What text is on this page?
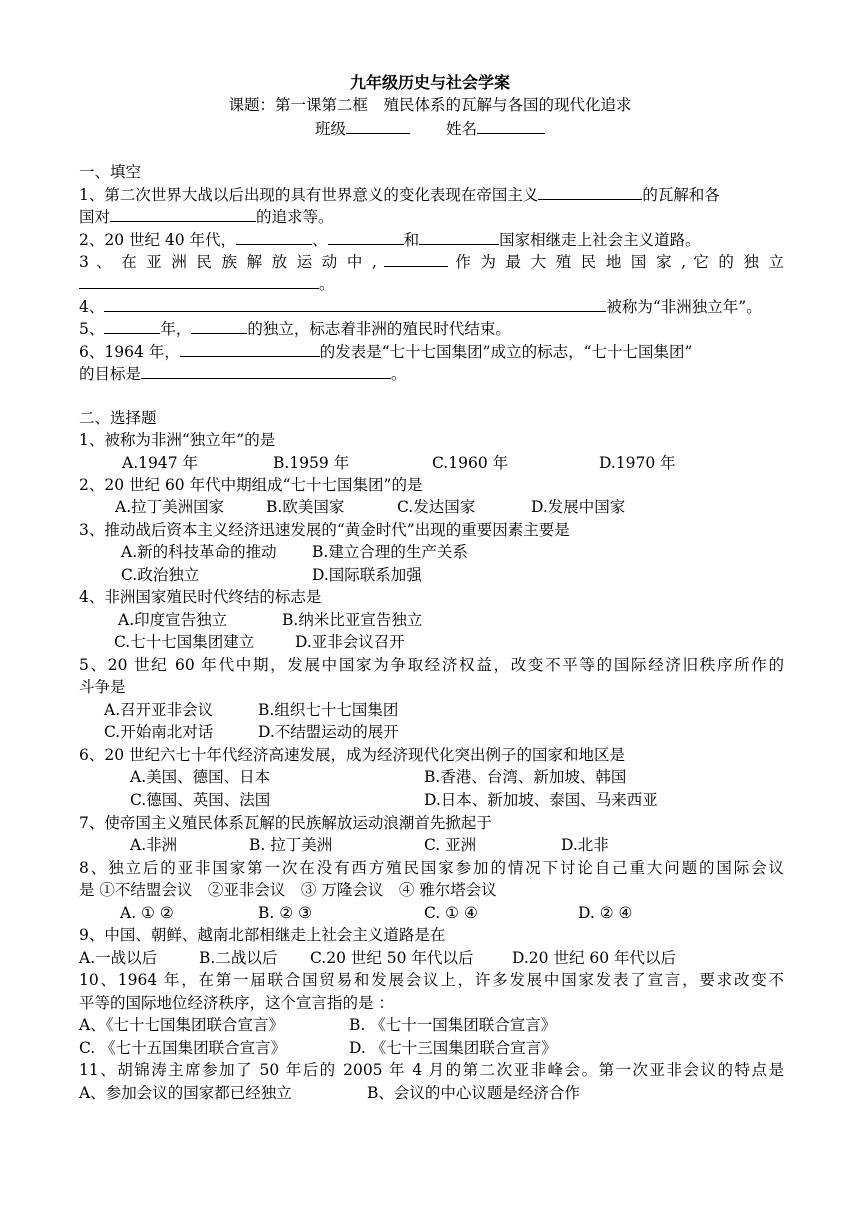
九年级历史与社会学案
课题：第一课第二框　殖民体系的瓦解与各国的现代化追求
班级	姓名
一、填空
1、第二次世界大战以后出现的具有世界意义的变化表现在帝国主义	的瓦解和各
国对	的追求等。
2、20 世纪 40 年代，	、	和	国家相继走上社会主义道路。
3 、 在 亚 洲 民 族 解 放 运 动 中 ,	作 为 最 大 殖 民 地 国 家 , 它 的 独 立
。
4、	被称为“非洲独立年”。
5、	年，	的独立，标志着非洲的殖民时代结束。
6、1964 年，	的发表是“七十七国集团”成立的标志，“七十七国集团”
的目标是	。
二、选择题
1、被称为非洲“独立年”的是
A.1947 年	B.1959 年	C.1960 年	D.1970 年
2、20 世纪 60 年代中期组成“七十七国集团”的是
A.拉丁美洲国家	B.欧美国家	C.发达国家	D.发展中国家
3、推动战后资本主义经济迅速发展的“黄金时代”出现的重要因素主要是
A.新的科技革命的推动 B.建立合理的生产关系
C.政治独立	D.国际联系加强
4、非洲国家殖民时代终结的标志是
A.印度宣告独立	B.纳米比亚宣告独立
C.七十七国集团建立	D.亚非会议召开
5、20 世纪 60 年代中期，发展中国家为争取经济权益，改变不平等的国际经济旧秩序所作的
斗争是
A.召开亚非会议	B.组织七十七国集团
C.开始南北对话	D.不结盟运动的展开
6、20 世纪六七十年代经济高速发展，成为经济现代化突出例子的国家和地区是
A.美国、德国、日本	B.香港、台湾、新加坡、韩国
C.德国、英国、法国	D.日本、新加坡、泰国、马来西亚
7、使帝国主义殖民体系瓦解的民族解放运动浪潮首先掀起于
A.非洲	B. 拉丁美洲	C. 亚洲	D.北非
8、独立后的亚非国家第一次在没有西方殖民国家参加的情况下讨论自己重大问题的国际会议
是 ①不结盟会议　②亚非会议　③ 万隆会议　④ 雅尔塔会议
A. ① ②	B. ② ③	C. ① ④	D. ② ④
9、中国、朝鲜、越南北部相继走上社会主义道路是在
A.一战以后	B.二战以后 C.20 世纪 50 年代以后 D.20 世纪 60 年代以后
10、1964 年，在第一届联合国贸易和发展会议上，许多发展中国家发表了宣言，要求改变不
平等的国际地位经济秩序，这个宣言指的是 ：
A、《七十七国集团联合宣言》	B. 《七十一国集团联合宣言》
C. 《七十五国集团联合宣言》	D. 《七十三国集团联合宣言》
11、胡锦涛主席参加了 50 年后的 2005 年 4 月的第二次亚非峰会。第一次亚非会议的特点是
A、参加会议的国家都已经独立	B、会议的中心议题是经济合作
